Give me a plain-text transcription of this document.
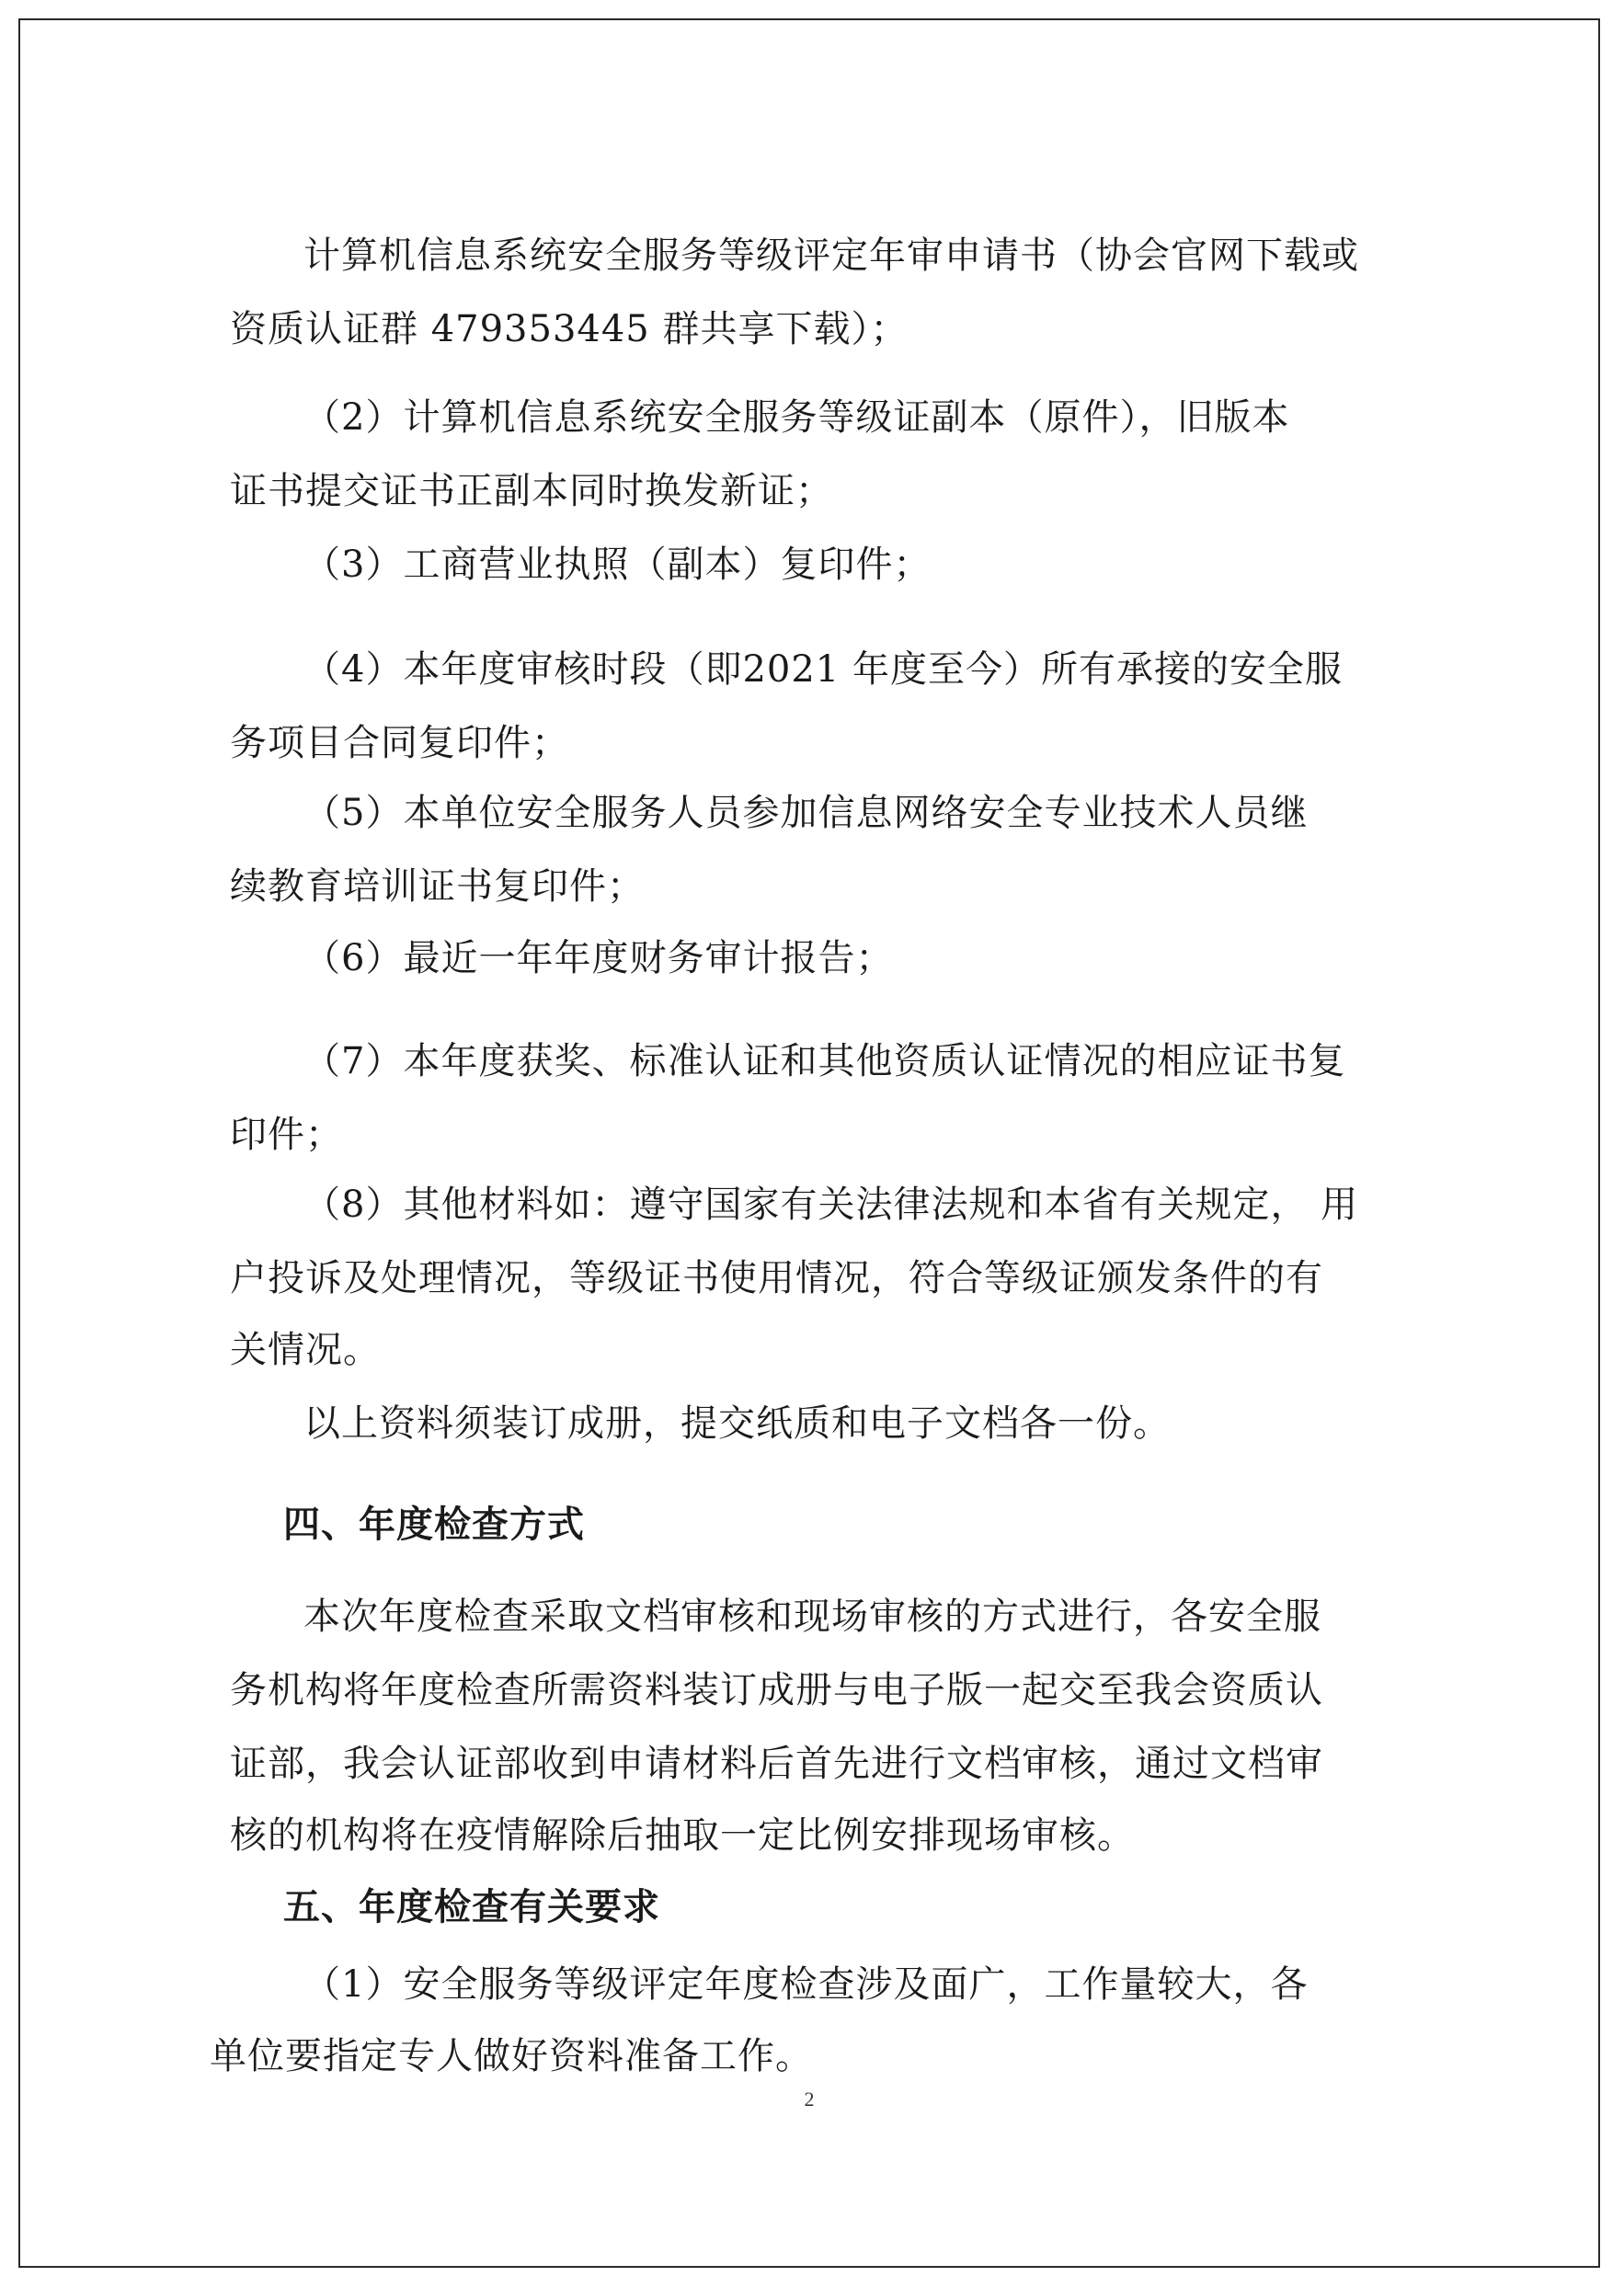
计算机信息系统安全服务等级评定年审申请书（协会官网下载或
资质认证群 479353445 群共享下载）；
（2）计算机信息系统安全服务等级证副本（原件），旧版本
证书提交证书正副本同时换发新证；
（3）工商营业执照（副本）复印件；
（4）本年度审核时段（即2021 年度至今）所有承接的安全服
务项目合同复印件；
（5）本单位安全服务人员参加信息网络安全专业技术人员继
续教育培训证书复印件；
（6）最近一年年度财务审计报告；
（7）本年度获奖、标准认证和其他资质认证情况的相应证书复
印件；
（8）其他材料如：遵守国家有关法律法规和本省有关规定， 用
户投诉及处理情况，等级证书使用情况，符合等级证颁发条件的有
关情况。
以上资料须装订成册，提交纸质和电子文档各一份。
四、年度检查方式
本次年度检查采取文档审核和现场审核的方式进行，各安全服
务机构将年度检查所需资料装订成册与电子版一起交至我会资质认
证部，我会认证部收到申请材料后首先进行文档审核，通过文档审
核的机构将在疫情解除后抽取一定比例安排现场审核。
五、年度检查有关要求
（1）安全服务等级评定年度检查涉及面广，工作量较大，各
单位要指定专人做好资料准备工作。
2
